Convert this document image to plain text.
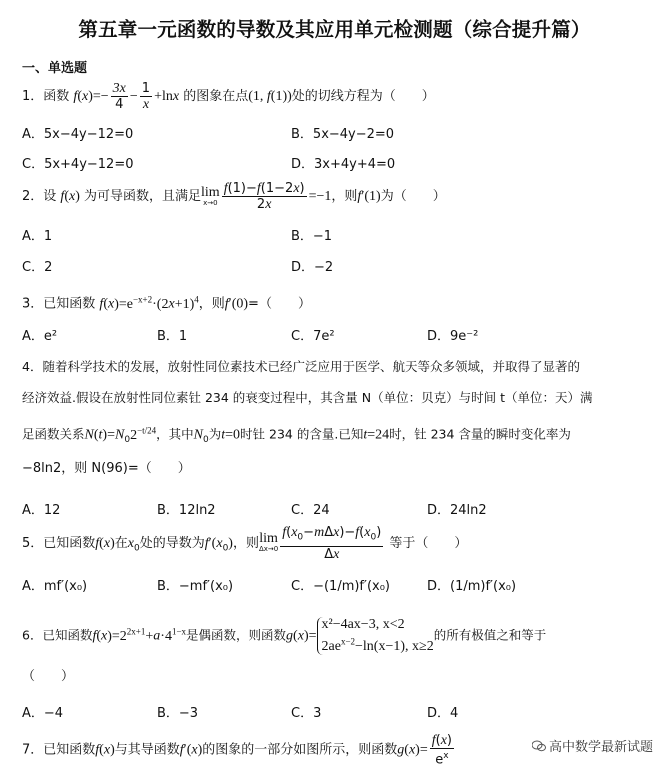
第五章一元函数的导数及其应用单元检测题（综合提升篇）
一、单选题
1．函数 $f(x)=- \frac{3x}{4} - \frac{1}{x} +\ln x$ 的图象在点(1, f(1))处的切线方程为（　　）
A．5x−4y−12=0	B．5x−4y−2=0
C．5x+4y−12=0	D．3x+4y+4=0
2．设 f(x) 为可导函数，且满足lim
$x\to 0 \frac{f(1)-f(1-2x)}{2x} =-1$，则f′(1)为（　　）
A．1	B．−1
C．2	D．−2
3．已知函数 $f(x)=e^{-x+2}\cdot(2x+1)^4$，则f′(0)=（　　）
A．e²	B．1	C．7e²	D．9e⁻²
4．随着科学技术的发展，放射性同位素技术已经广泛应用于医学、航天等众多领域，并取得了显著的
经济效益.假设在放射性同位素钍 234 的衰变过程中，其含量 N（单位：贝克）与时间 t（单位：天）满
足函数关系$N(t)=N_02^{-t/24}$，其中$N_0$为t=0时钍 234 的含量.已知t=24时，钍 234 含量的瞬时变化率为
−8ln2，则 N(96)=（　　）
A．12	B．12ln2	C．24	D．24ln2
5．已知函数f(x)在$x_0$处的导数为$f'(x_0)$，则lim
$\Delta x\to 0 \frac{f(x_0-m\Delta x)-f(x_0)}{\Delta x}$ 等于（　　）
A．mf′(x₀)	B．−mf′(x₀)	C．−(1/m)f′(x₀)	D．(1/m)f′(x₀)
6．已知函数$f(x)=2^{2x+1}+a\cdot 4^{1-x}$是偶函数，则函数g(x)=x²−4ax−3, x<2
$2ae^{x-2}-\ln(x-1)$, x≥2的所有极值之和等于
（　　）
A．−4	B．−3	C．3	D．4
7．已知函数f(x)与其导函数f′(x)的图象的一部分如图所示，则函数$g(x)= \frac{f(x)}{e^x}$	高中数学最新试题
